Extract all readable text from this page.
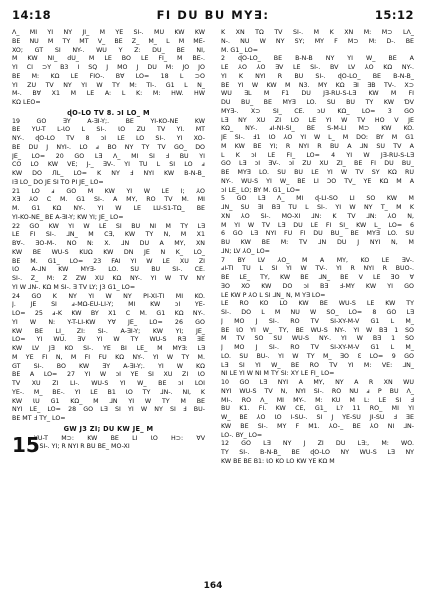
14:18	FI DU BU MY∃:	15:12
Λ_ MI YI NY JI_ M YE SI-. MU KW KW
BE NU M TY MT V_ BE Z_ M_ L M ME-
XO; GT SI NY-. WU Y Z: DU_ BE NI,
M KW NI_ dU_ M LE BO LE FI_ M BE-.
YI CI ⊃Y B3 I SQ J MO J DU M: JO JO
BE M: KΩ LE FIO-. B∀ LO= 18 L ⊃O
YI ZU TV NY YI W TY M: TI-. G1 L N_
M-. B∀ X1 M LE A: L K: M: HW. HW
KΩ LEO=
ɖO-LO TV 8. ↄI LO_ M
19 GO ∃Y A-∃I-Y;. BE YI-KO-NE KW
BE YU-T L-ƖO L SI-. ƖO ZU TV YI. MT
NY-. ɖO-LO TV 8 ↄI LE LO SI-. YI XO-
BE DU J NYI-. LO ⅎ BO NY TY TV GO_ DO
JE_ LO= 20 GO L∃ Λ_ MI SI Ⅎ BU YI
CO LO KW VE; J-_ ∃V-. YI TU L SI LO ⅎ
KW DO ЛL_ LO= K NY Ⅎ NYI KW B-N-B_
I∃ LO_ DO JE SI TO PI JE_ LO=
21 LO ⅎ GO M KW YI W LE I; ⅄O
X∃ ⅄O C M. G1 SI-. A MY, RO TV M. MI
M. G1 KΩ NY-. YI W LE LU-S1-TΩ_ BE
YI-KO-NE_ BE A-∃I-Y; KW YI; JE_ LO=
22 GO KW YI W LE SI BU NI M TY L∃
LE FI SI-. ⅃N_ M C∃, KW TY N, M X1
B∀-. ƎO-M-. NO N: X. ⅃N DU A MY, XN
KW BE WU-S KUΩ KW DN JE N K_ LO_
BE M. G1_ LO= 23 FAI YI W LE XU ZI
ƖO A-⅃N KW MY∃- LO. SU BU SI-. CE.
SI-. Z_ M: Z ZW XU KΩ NY-. YI W TV NY
YI W ⅃N-. KΩ M SI-. ∃ TV LY; J3 G1_ LO=
24 GO K NY YI W NY PI-XI-TI MI KO.
J. JE SI ⅎ-MΩ-EU-LI-Y; MI KW ↄI YE-
LO= 25 ⅎ-K KW BY X1 C M. G1 KΩ NY-.
YI W N: Y-T-LI-KW Y∀ JE_ LO= 26 GO
KW BE LI_ ZI: SI-. A-∃I-Y; KW YI; JE_
LO= YI WU. ∃V YI W TY WU-S R∃ ƎE
KW LV J∃ KO SI-. YE BI LE_ M MY∃: L∃
M YE FI N, M FI FU KΩ NY-. YI W TY M.
GT SI-. BO KW ∃Y A-∃I-Y;. YI W KΩ
BE A LO= 27 YI W ↄI YE SI XU ZI ƖO
TV XU ZI LI-. WU-S YI W_ BE ↄI LOI
YE-. M_ BE-. YI LE B1 ƖO TY ⅃N-. NI, K
KW ƖU G1 KΩ_ M ⅃N YI W TY M BE
NYI LE_ LO= 28 GO L∃ SI YI W NY SI Ⅎ BU-
BE MT Ⅎ TY_ LO=
GW J3 ZI; DU KW JE_ M
15
YU-T M⊃: KW BE LI ƖO H⊃: ∀V
L SI-. YI; R NYI R BU BE_ MO-XI
K XN TΩ TV SI-. M K XN M: M⊃ LΛ_
N-. NU W NY SY; MY F M⊃ M: D-. BE
M. G1_ LO=
2 ɖO-LO_ BE B-N-B NY YI W_ BE A
LE ⅄O ⅄O ∃V LE SI-. BV LV ⅄O KΩ NY-.
YI K NYI R BU SI-. ɖO-LO_ BE B-N-B_
BE YI W KW M N3. MY KΩ ∃I ∃B TV-. X⊃
WU ∃L M F1 DU J∃-RU-S-L∃ KW M FI
DU BU_ BE MY∃ LO. SU BU TY KW ƊV
MY∃-. X⊃ SI_ CE. ↄU KΩ_ LO= 3 GO
L∃ NY XU ZI LO LE YI W TV HO V JE
KΩ_ NY-. ⅎI-NI-SI_ BE S-M-LI M⊃ KW KO.
JE SI-. Ⅎ1 ƖO ⅄O YI W L_ M DO: BY M G1
M KW BE YI; R NYI R BU A ⅃N SU TV A
L K ↄI LE FI_ LO= 4 YI W J∃-RU-S-L∃
GO L∃ ↄI ∃V-. ↄI ZU XU ZI_ BE FI DU BU_
BE MY∃ LO. SU BU LE YI W TV SY KΩ RU
NY-. WU-S YI W_ BE LI ƆO TV_ YE KΩ M A
ↄI LE_ LO; BY M. G1_ LO=
5 GO L∃ Λ_ MI ɖ-LI-SO LI SO KW M
⅃N_ SU ∃I B∃ TU L SI-. YI W NY T_ M K
XN ⅄O SI-. MO-XI ⅃N: K TV ⅃N: ⅄O N,
M YI W TV L∃ DU LE FI SI_ KW L_ LO= 6
6 GO L∃ NYI FU FI DU BU_ BE MY∃ LO. SU
BU KW BE M: TV ⅃N DU J NYI N, M
⅃N; LV ⅄O_ LO=
7 BY LV ⅄O_ M A MY, KO LE ∃V-.
ⅎI-TI TU L SI YI W TV-. YI R NYI R BUO-.
BE LE_ TY, KW BE ⅃N_ BE V LE ƎO ∀
ƎO XO KW DO ↄI B∃ Ⅎ-MY KW YI GO
LE KW P ⅄O L SI ⅃N_ N, M Y∃ LO=
LE RO KO LO KW BE WU-S LE KW TY
SI-. DO L M NU W SO_ LO= 8 GO L∃
J MO J SI-. RO TV SI-XY-M-V G1 L M_
BE ƖO YI W_ TY, BE WU-S NY-. YI W B∃ 1 SO
M TV SO SU WU-S NY-. YI W B∃ 1 SO
J MO J SI-. RO TV SI-XY-M-V G1 L M_
LO. SU BU-. YI W TY M_ ƎO Ɛ LO= 9 GO
L∃ SI YI W_ BE RO TV YI M: VE: ⅃N_
NI LE YI W NI M TY SI: XY LE FI_ LO=
10 GO L∃ NYI A MY, NY A R XN WU
NYI WU-S TV N, NYI SI-. RO NU ⅎ P BU Λ_
MI-. RO Λ_ MI MY-. M: KU M L: LE SI Ⅎ
BU K1. FI. KW CE, G1_ L? 11 RO_ MI YI
W_ BE ⅄O ƖO I-SU-. SI J YE-SU JI-SU Ⅎ ƎE
KW BE SI-. MY F M1. ⅄O-_ BE ⅄O NI ⅃N-
LO-. BY_ LO=
12 GO L∃ NY J ZI DU L∃:, M: WO.
TY SI-. B-N-B_ BE ɖO-LO NY WU-S L∃ NY
KW BE BE B1: ƖO KO LO KW YE KΩ M
164
